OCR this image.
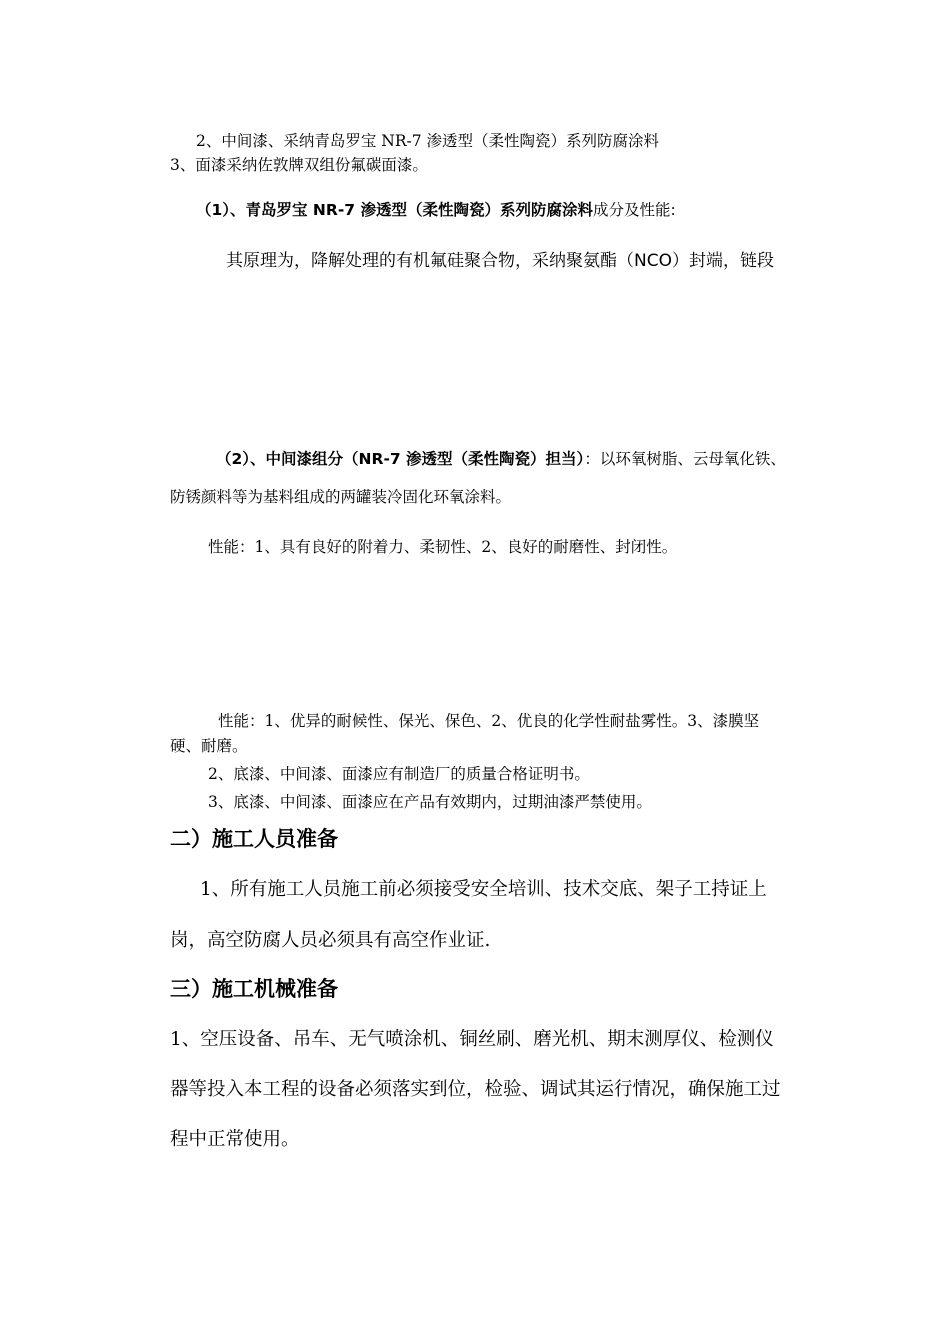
2、中间漆、采纳青岛罗宝 NR-7 渗透型（柔性陶瓷）系列防腐涂料

3、面漆采纳佐敦牌双组份氟碳面漆。

（1）、青岛罗宝 NR-7 渗透型（柔性陶瓷）系列防腐涂料成分及性能:

其原理为，降解处理的有机氟硅聚合物，采纳聚氨酯（NCO）封端，链段

（2）、中间漆组分（NR-7 渗透型（柔性陶瓷）担当）：以环氧树脂、云母氧化铁、

防锈颜料等为基料组成的两罐装冷固化环氧涂料。

性能：1、具有良好的附着力、柔韧性、2、良好的耐磨性、封闭性。

性能：1、优异的耐候性、保光、保色、2、优良的化学性耐盐雾性。3、漆膜坚

硬、耐磨。

2、底漆、中间漆、面漆应有制造厂的质量合格证明书。

3、底漆、中间漆、面漆应在产品有效期内，过期油漆严禁使用。

二）施工人员准备

1、所有施工人员施工前必须接受安全培训、技术交底、架子工持证上

岗，高空防腐人员必须具有高空作业证.

三）施工机械准备

1、空压设备、吊车、无气喷涂机、铜丝刷、磨光机、期末测厚仪、检测仪

器等投入本工程的设备必须落实到位，检验、调试其运行情况，确保施工过

程中正常使用。
